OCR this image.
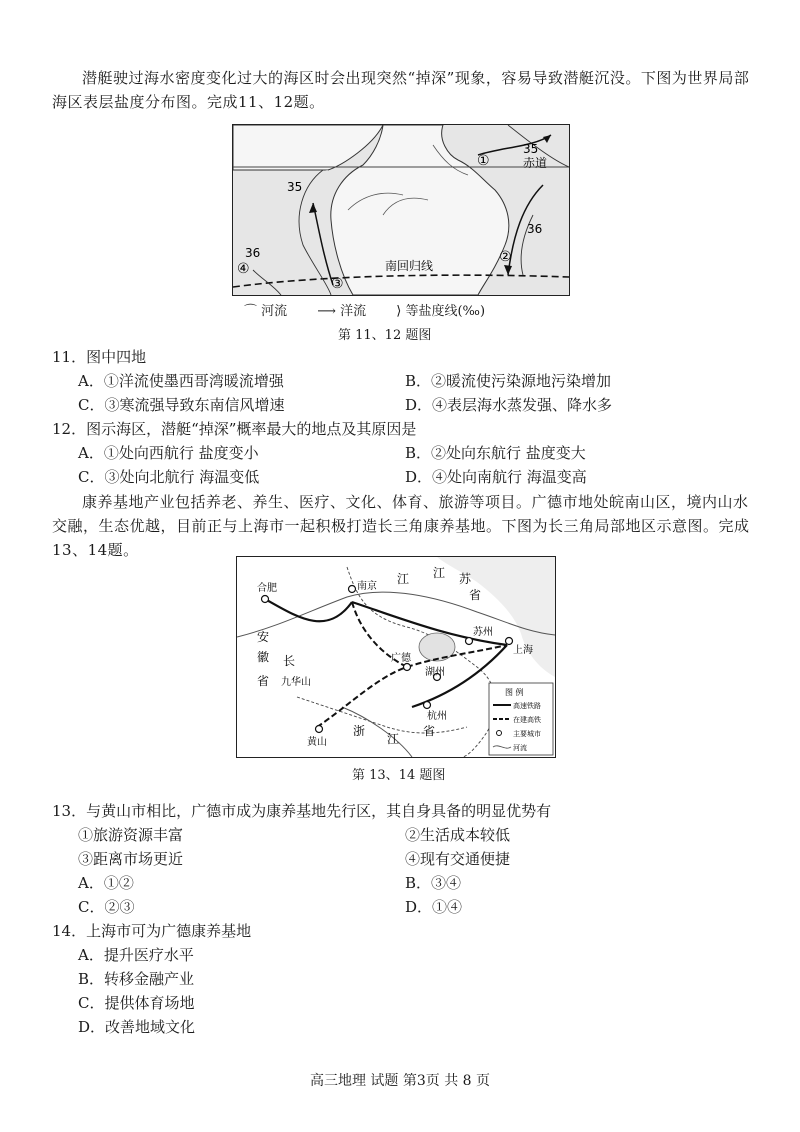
潜艇驶过海水密度变化过大的海区时会出现突然“掉深”现象，容易导致潜艇沉没。下图为世界局部海区表层盐度分布图。完成11、12题。

35
赤道
35
36
36
南回归线
①
②
③
④
⌒ 河流 ⟶ 洋流 ⟩ 等盐度线(‰)
第 11、12 题图
11．图中四地
A．①洋流使墨西哥湾暖流增强	B．②暖流使污染源地污染增加
C．③寒流强导致东南信风增速	D．④表层海水蒸发强、降水多
12．图示海区，潜艇“掉深”概率最大的地点及其原因是
A．①处向西航行 盐度变小	B．②处向东航行 盐度变大
C．③处向北航行 海温变低	D．④处向南航行 海温变高

康养基地产业包括养老、养生、医疗、文化、体育、旅游等项目。广德市地处皖南山区，境内山水交融，生态优越，目前正与上海市一起积极打造长三角康养基地。下图为长三角局部地区示意图。完成13、14题。

合肥	南京
江 江 苏
省
苏州
上海
安
徽
省
长	广德
九华山
湖州
杭州
黄山
浙
江
省
图 例
高速铁路
在建高铁
主要城市
河流
第 13、14 题图
13．与黄山市相比，广德市成为康养基地先行区，其自身具备的明显优势有
①旅游资源丰富	②生活成本较低
③距离市场更近	④现有交通便捷
A．①②	B．③④
C．②③	D．①④
14．上海市可为广德康养基地
A．提升医疗水平
B．转移金融产业
C．提供体育场地
D．改善地域文化
高三地理 试题 第3页 共 8 页
